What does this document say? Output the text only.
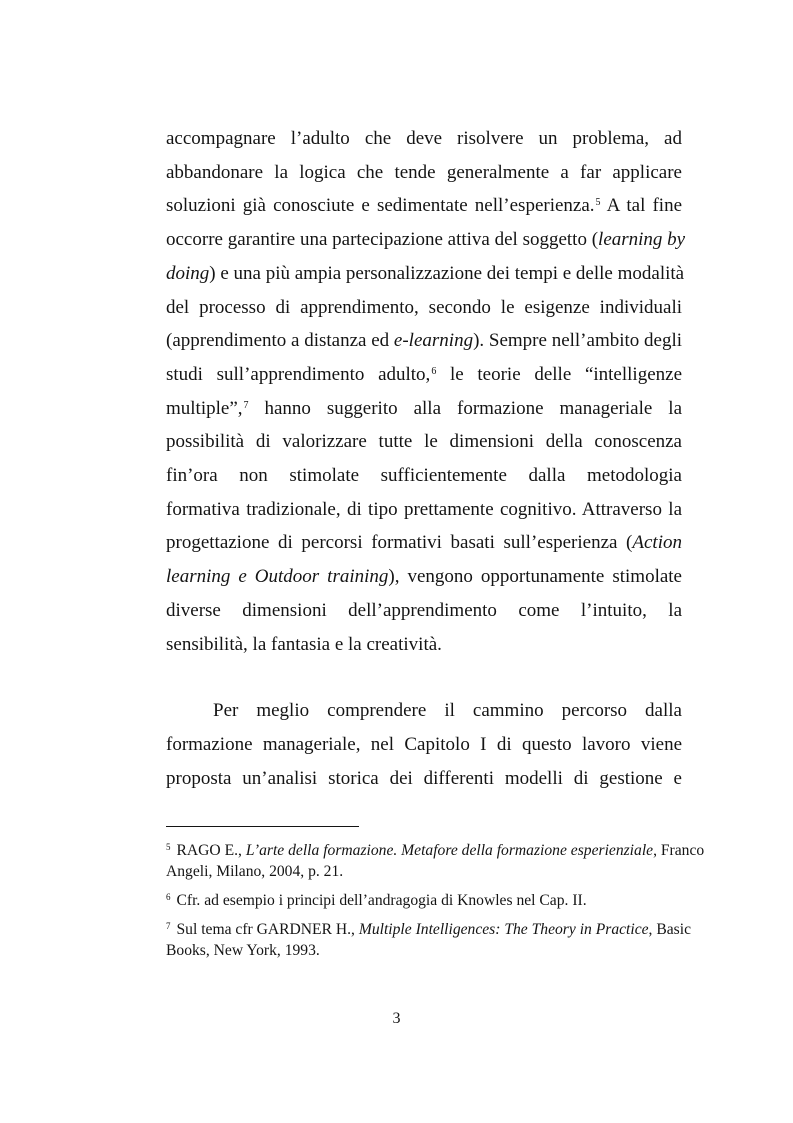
accompagnare l’adulto che deve risolvere un problema, ad
abbandonare la logica che tende generalmente a far applicare
soluzioni già conosciute e sedimentate nell’esperienza.$^5$ A tal fine
occorre garantire una partecipazione attiva del soggetto (learning by
doing) e una più ampia personalizzazione dei tempi e delle modalità
del processo di apprendimento, secondo le esigenze individuali
(apprendimento a distanza ed e-learning). Sempre nell’ambito degli
studi sull’apprendimento adulto,$^6$ le teorie delle “intelligenze
multiple”,$^7$ hanno suggerito alla formazione manageriale la
possibilità di valorizzare tutte le dimensioni della conoscenza
fin’ora non stimolate sufficientemente dalla metodologia
formativa tradizionale, di tipo prettamente cognitivo. Attraverso la
progettazione di percorsi formativi basati sull’esperienza (Action
learning e Outdoor training), vengono opportunamente stimolate
diverse dimensioni dell’apprendimento come l’intuito, la
sensibilità, la fantasia e la creatività.
Per meglio comprendere il cammino percorso dalla
formazione manageriale, nel Capitolo I di questo lavoro viene
proposta un’analisi storica dei differenti modelli di gestione e
$^5$ RAGO E., L’arte della formazione. Metafore della formazione esperienziale, Franco
Angeli, Milano, 2004, p. 21.
$^6$ Cfr. ad esempio i principi dell’andragogia di Knowles nel Cap. II.
$^7$ Sul tema cfr GARDNER H., Multiple Intelligences: The Theory in Practice, Basic
Books, New York, 1993.
3
